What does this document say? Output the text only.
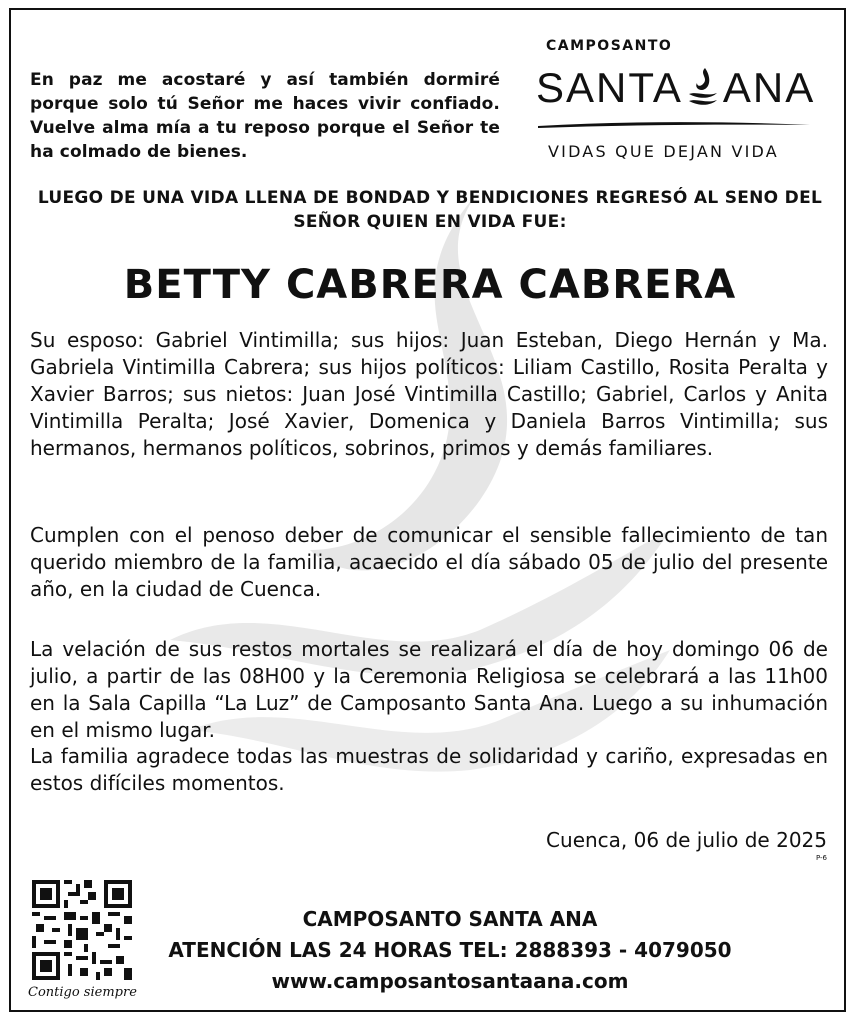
En paz me acostaré y así también dormiré porque solo tú Señor me haces vivir confiado. Vuelve alma mía a tu reposo porque el Señor te ha colmado de bienes.
CAMPOSANTO
SANTA ANA
VIDAS QUE DEJAN VIDA
LUEGO DE UNA VIDA LLENA DE BONDAD Y BENDICIONES REGRESÓ AL SENO DEL SEÑOR QUIEN EN VIDA FUE:
BETTY CABRERA CABRERA
Su esposo: Gabriel Vintimilla; sus hijos: Juan Esteban, Diego Hernán y Ma. Gabriela Vintimilla Cabrera; sus hijos políticos: Liliam Castillo, Rosita Peralta y Xavier Barros; sus nietos: Juan José Vintimilla Castillo; Gabriel, Carlos y Anita Vintimilla Peralta; José Xavier, Domenica y Daniela Barros Vintimilla; sus hermanos, hermanos políticos, sobrinos, primos y demás familiares.
Cumplen con el penoso deber de comunicar el sensible fallecimiento de tan querido miembro de la familia, acaecido el día sábado 05 de julio del presente año, en la ciudad de Cuenca.
La velación de sus restos mortales se realizará el día de hoy domingo 06 de julio, a partir de las 08H00 y la Ceremonia Religiosa se celebrará a las 11h00 en la Sala Capilla “La Luz” de Camposanto Santa Ana. Luego a su inhumación en el mismo lugar.
La familia agradece todas las muestras de solidaridad y cariño, expresadas en estos difíciles momentos.
Cuenca, 06 de julio de 2025
P-6
Contigo siempre
CAMPOSANTO SANTA ANA
ATENCIÓN LAS 24 HORAS TEL: 2888393 - 4079050
www.camposantosantaana.com
